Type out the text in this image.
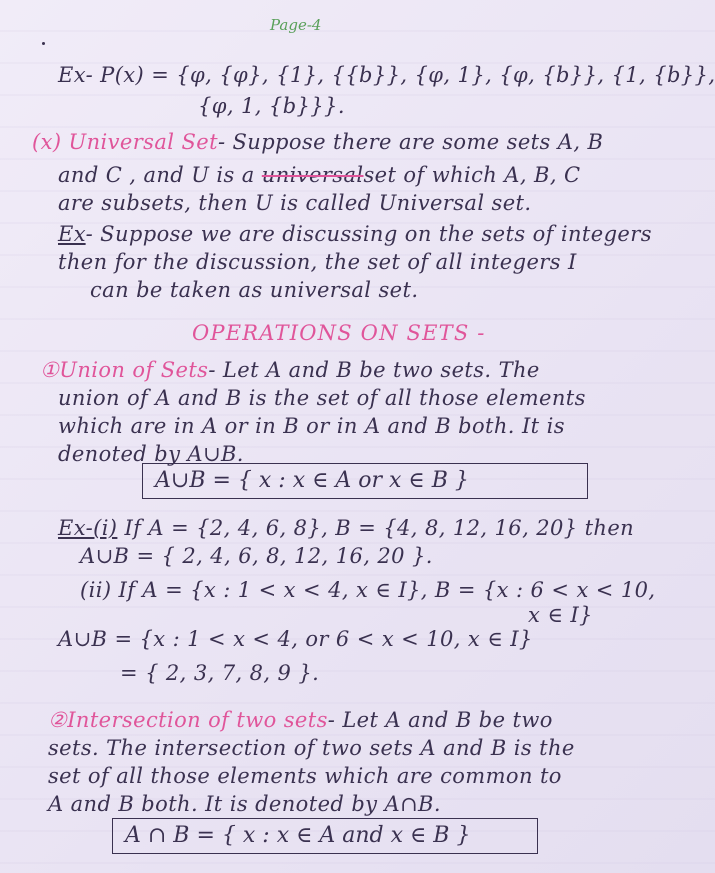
Page-4
Ex- P(x) = {φ, {φ}, {1}, {{b}}, {φ, 1}, {φ, {b}}, {1, {b}},
{φ, 1, {b}}}.
(x) Universal Set- Suppose there are some sets A, B
and C , and U is a universalset of which A, B, C
are subsets, then U is called Universal set.
Ex- Suppose we are discussing on the sets of integers
then for the discussion, the set of all integers I
can be taken as universal set.
OPERATIONS ON SETS -
①Union of Sets- Let A and B be two sets. The
union of A and B is the set of all those elements
which are in A or in B or in A and B both. It is
denoted by A∪B.
A∪B = { x : x ∈ A or x ∈ B }
Ex-(i) If A = {2, 4, 6, 8}, B = {4, 8, 12, 16, 20} then
A∪B = { 2, 4, 6, 8, 12, 16, 20 }.
(ii) If A = {x : 1 < x < 4, x ∈ I}, B = {x : 6 < x < 10,
x ∈ I}
A∪B = {x : 1 < x < 4, or 6 < x < 10, x ∈ I}
= { 2, 3, 7, 8, 9 }.
②Intersection of two sets- Let A and B be two
sets. The intersection of two sets A and B is the
set of all those elements which are common to
A and B both. It is denoted by A∩B.
A ∩ B = { x : x ∈ A and x ∈ B }
